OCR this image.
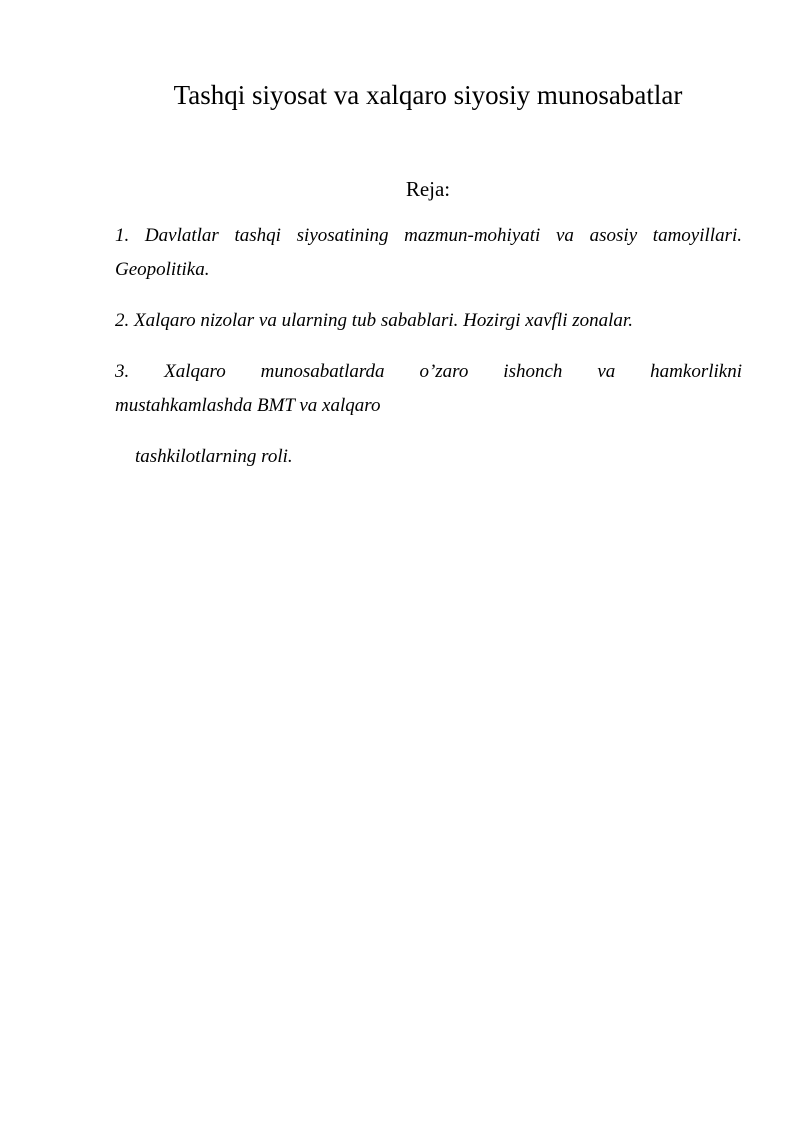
Tashqi siyosat va xalqaro siyosiy munosabatlar
Reja:

1. Davlatlar tashqi siyosatining mazmun-mohiyati va asosiy tamoyillari. Geopolitika.

2. Xalqaro nizolar va ularning tub sabablari. Hozirgi xavfli zonalar.

3. Xalqaro munosabatlarda o’zaro ishonch va hamkorlikni

mustahkamlashda BMT va xalqaro

tashkilotlarning roli.
